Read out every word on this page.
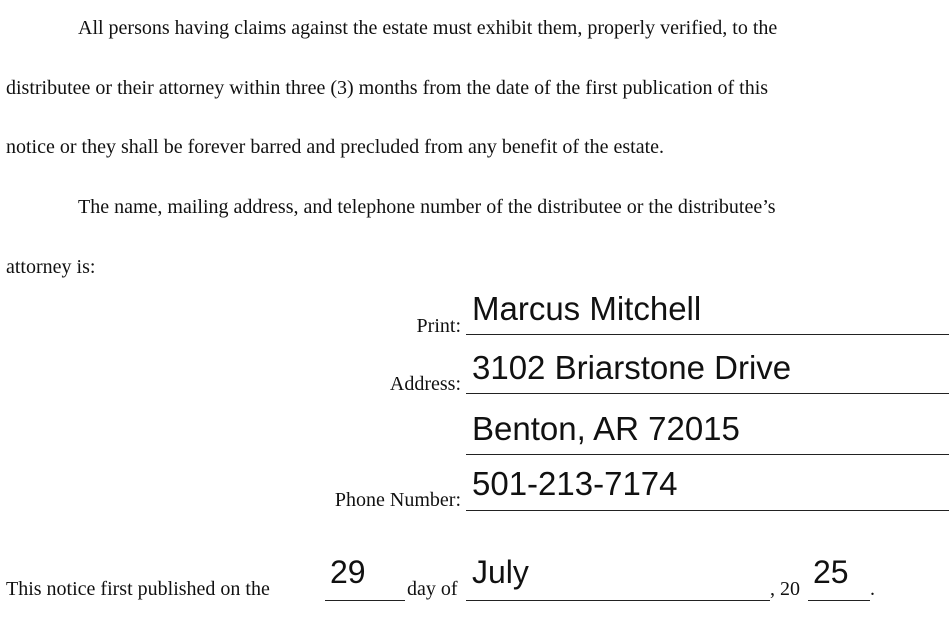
All persons having claims against the estate must exhibit them, properly verified, to the
distributee or their attorney within three (3) months from the date of the first publication of this
notice or they shall be forever barred and precluded from any benefit of the estate.
The name, mailing address, and telephone number of the distributee or the distributee’s
attorney is:
Print: Marcus Mitchell
Address: 3102 Briarstone Drive
Benton, AR 72015
Phone Number: 501-213-7174
This notice first published on the 29 day of July	, 20 25 .
